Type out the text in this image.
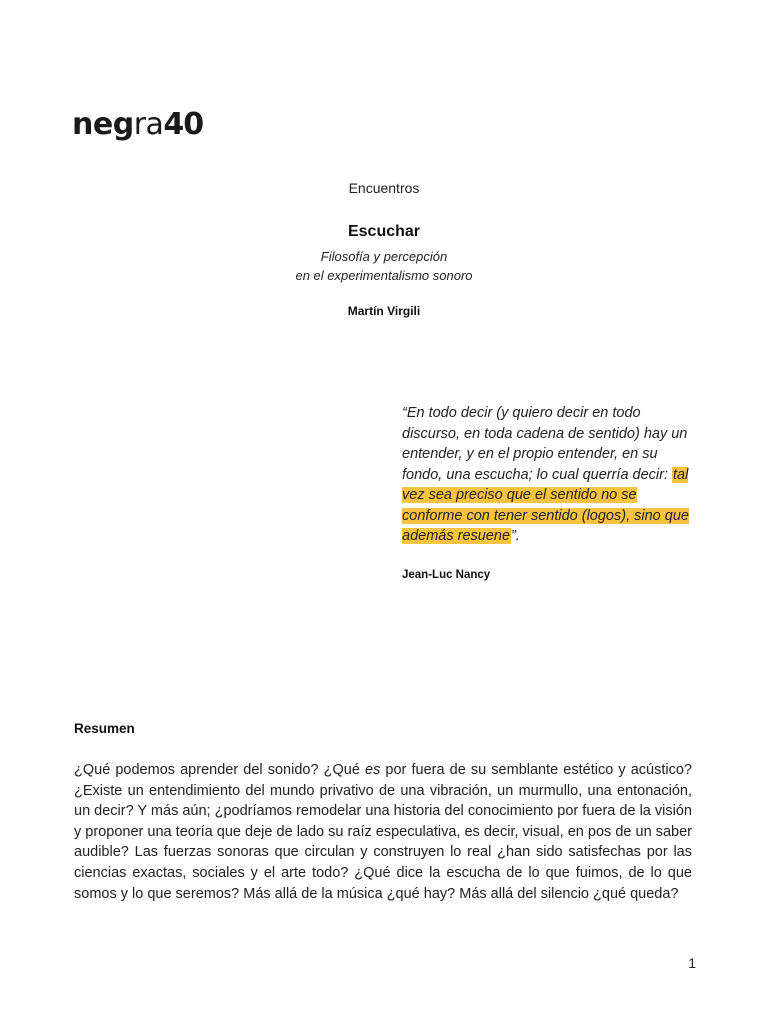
neg ra 40
Encuentros
Escuchar
Filosofía y percepción
en el experimentalismo sonoro
Martín Virgili
“En todo decir (y quiero decir en todo discurso, en toda cadena de sentido) hay un entender, y en el propio entender, en su fondo, una escucha; lo cual querría decir: tal vez sea preciso que el sentido no se conforme con tener sentido (logos), sino que además resuene”.
Jean-Luc Nancy
Resumen

¿Qué podemos aprender del sonido? ¿Qué es por fuera de su semblante estético y acústico? ¿Existe un entendimiento del mundo privativo de una vibración, un murmullo, una entonación, un decir? Y más aún; ¿podríamos remodelar una historia del conocimiento por fuera de la visión y proponer una teoría que deje de lado su raíz especulativa, es decir, visual, en pos de un saber audible? Las fuerzas sonoras que circulan y construyen lo real ¿han sido satisfechas por las ciencias exactas, sociales y el arte todo? ¿Qué dice la escucha de lo que fuimos, de lo que somos y lo que seremos? Más allá de la música ¿qué hay? Más allá del silencio ¿qué queda?

1
